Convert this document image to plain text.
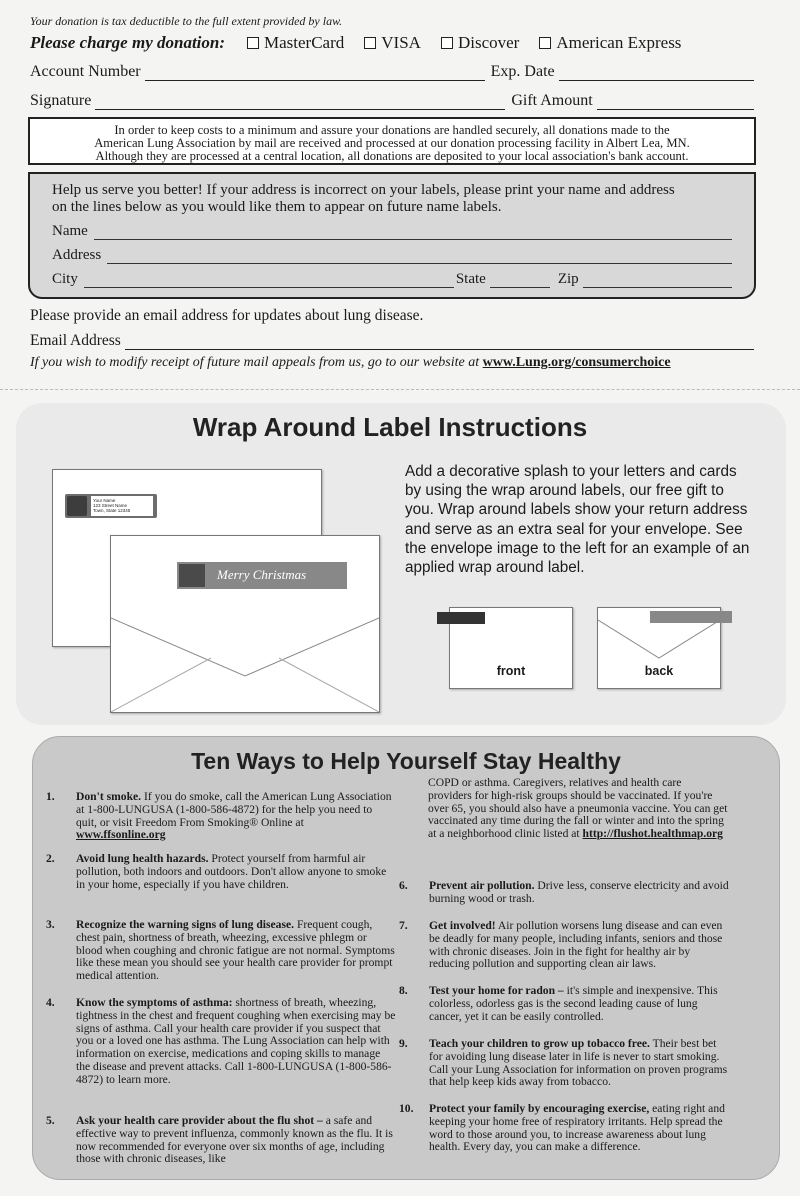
Your donation is tax deductible to the full extent provided by law.
Please charge my donation: MasterCard VISA Discover American Express
Account Number	Exp. Date
Signature	Gift Amount
In order to keep costs to a minimum and assure your donations are handled securely, all donations made to the
American Lung Association by mail are received and processed at our donation processing facility in Albert Lea, MN.
Although they are processed at a central location, all donations are deposited to your local association's bank account.
Help us serve you better! If your address is incorrect on your labels, please print your name and address
on the lines below as you would like them to appear on future name labels.
Name
Address
City	State	Zip
Please provide an email address for updates about lung disease.
Email Address
If you wish to modify receipt of future mail appeals from us, go to our website at www.Lung.org/consumerchoice
Wrap Around Label Instructions
Your Name
123 Street Name
Town, State 12345
Merry Christmas
Add a decorative splash to your letters and cards by using the wrap around labels, our free gift to you. Wrap around labels show your return address and serve as an extra seal for your envelope. See the envelope image to the left for an example of an applied wrap around label.
front	back
Ten Ways to Help Yourself Stay Healthy
1.	Don't smoke. If you do smoke, call the American Lung Association at 1-800-LUNGUSA (1-800-586-4872) for the help you need to quit, or visit Freedom From Smoking® Online at www.ffsonline.org
2.	Avoid lung health hazards. Protect yourself from harmful air pollution, both indoors and outdoors. Don't allow anyone to smoke in your home, especially if you have children.
3.	Recognize the warning signs of lung disease. Frequent cough, chest pain, shortness of breath, wheezing, excessive phlegm or blood when coughing and chronic fatigue are not normal. Symptoms like these mean you should see your health care provider for prompt medical attention.
4.	Know the symptoms of asthma: shortness of breath, wheezing, tightness in the chest and frequent coughing when exercising may be signs of asthma. Call your health care provider if you suspect that you or a loved one has asthma. The Lung Association can help with information on exercise, medications and coping skills to manage the disease and prevent attacks. Call 1-800-LUNGUSA (1-800-586-4872) to learn more.
5.	Ask your health care provider about the flu shot – a safe and effective way to prevent influenza, commonly known as the flu. It is now recommended for everyone over six months of age, including those with chronic diseases, like
COPD or asthma. Caregivers, relatives and health care providers for high-risk groups should be vaccinated. If you're over 65, you should also have a pneumonia vaccine. You can get vaccinated any time during the fall or winter and into the spring at a neighborhood clinic listed at http://flushot.healthmap.org
6.	Prevent air pollution. Drive less, conserve electricity and avoid burning wood or trash.
7.	Get involved! Air pollution worsens lung disease and can even be deadly for many people, including infants, seniors and those with chronic diseases. Join in the fight for healthy air by reducing pollution and supporting clean air laws.
8.	Test your home for radon – it's simple and inexpensive. This colorless, odorless gas is the second leading cause of lung cancer, yet it can be easily controlled.
9.	Teach your children to grow up tobacco free. Their best bet for avoiding lung disease later in life is never to start smoking. Call your Lung Association for information on proven programs that help keep kids away from tobacco.
10.	Protect your family by encouraging exercise, eating right and keeping your home free of respiratory irritants. Help spread the word to those around you, to increase awareness about lung health. Every day, you can make a difference.
